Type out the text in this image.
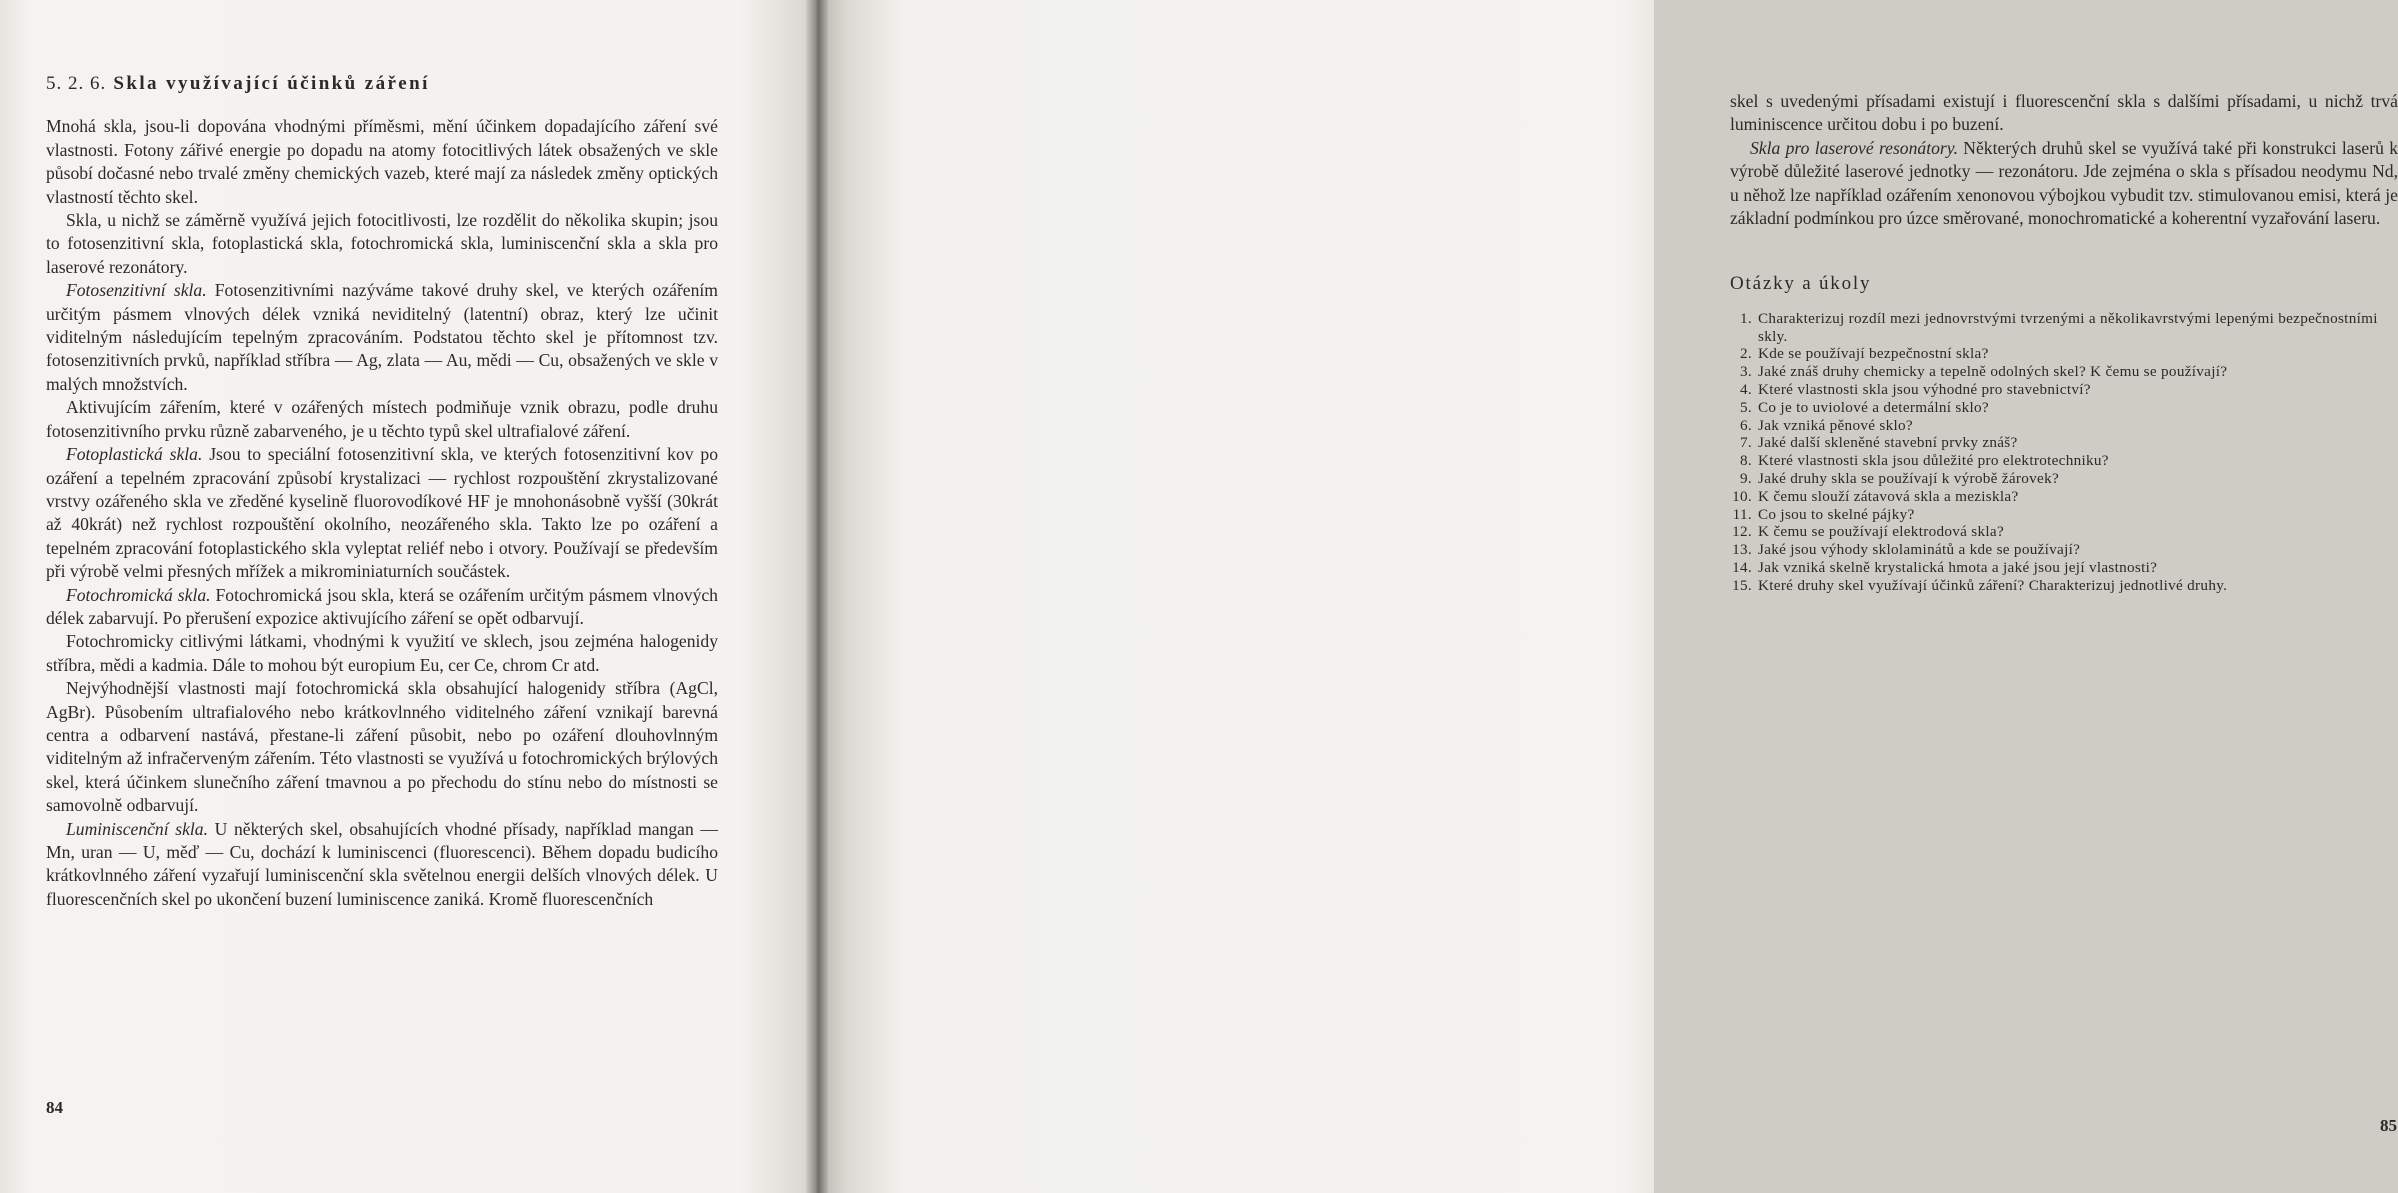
5. 2. 6. Skla využívající účinků záření

Mnohá skla, jsou-li dopována vhodnými příměsmi, mění účinkem dopadajícího záření své vlastnosti. Fotony zářivé energie po dopadu na atomy fotocitlivých látek obsažených ve skle působí dočasné nebo trvalé změny chemických vazeb, které mají za následek změny optických vlastností těchto skel.

Skla, u nichž se záměrně využívá jejich fotocitlivosti, lze rozdělit do několika skupin; jsou to fotosenzitivní skla, fotoplastická skla, fotochromická skla, luminiscenční skla a skla pro laserové rezonátory.

Fotosenzitivní skla. Fotosenzitivními nazýváme takové druhy skel, ve kterých ozářením určitým pásmem vlnových délek vzniká neviditelný (latentní) obraz, který lze učinit viditelným následujícím tepelným zpracováním. Podstatou těchto skel je přítomnost tzv. fotosenzitivních prvků, například stříbra — Ag, zlata — Au, mědi — Cu, obsažených ve skle v malých množstvích.

Aktivujícím zářením, které v ozářených místech podmiňuje vznik obrazu, podle druhu fotosenzitivního prvku různě zabarveného, je u těchto typů skel ultrafialové záření.

Fotoplastická skla. Jsou to speciální fotosenzitivní skla, ve kterých fotosenzitivní kov po ozáření a tepelném zpracování způsobí krystalizaci — rychlost rozpouštění zkrystalizované vrstvy ozářeného skla ve zředěné kyselině fluorovodíkové HF je mnohonásobně vyšší (30krát až 40krát) než rychlost rozpouštění okolního, neozářeného skla. Takto lze po ozáření a tepelném zpracování fotoplastického skla vyleptat reliéf nebo i otvory. Používají se především při výrobě velmi přesných mřížek a mikrominiaturních součástek.

Fotochromická skla. Fotochromická jsou skla, která se ozářením určitým pásmem vlnových délek zabarvují. Po přerušení expozice aktivujícího záření se opět odbarvují.

Fotochromicky citlivými látkami, vhodnými k využití ve sklech, jsou zejména halogenidy stříbra, mědi a kadmia. Dále to mohou být europium Eu, cer Ce, chrom Cr atd.

Nejvýhodnější vlastnosti mají fotochromická skla obsahující halogenidy stříbra (AgCl, AgBr). Působením ultrafialového nebo krátkovlnného viditelného záření vznikají barevná centra a odbarvení nastává, přestane-li záření působit, nebo po ozáření dlouhovlnným viditelným až infračerveným zářením. Této vlastnosti se využívá u fotochromických brýlových skel, která účinkem slunečního záření tmavnou a po přechodu do stínu nebo do místnosti se samovolně odbarvují.

Luminiscenční skla. U některých skel, obsahujících vhodné přísady, například mangan — Mn, uran — U, měď — Cu, dochází k luminiscenci (fluorescenci). Během dopadu budicího krátkovlnného záření vyzařují luminiscenční skla světelnou energii delších vlnových délek. U fluorescenčních skel po ukončení buzení luminiscence zaniká. Kromě fluorescenčních

84

skel s uvedenými přísadami existují i fluorescenční skla s dalšími přísadami, u nichž trvá luminiscence určitou dobu i po buzení.

Skla pro laserové resonátory. Některých druhů skel se využívá také při konstrukci laserů k výrobě důležité laserové jednotky — rezonátoru. Jde zejména o skla s přísadou neodymu Nd, u něhož lze například ozářením xenonovou výbojkou vybudit tzv. stimulovanou emisi, která je základní podmínkou pro úzce směrované, monochromatické a koherentní vyzařování laseru.

Otázky a úkoly
1. Charakterizuj rozdíl mezi jednovrstvými tvrzenými a několikavrstvými lepenými bezpečnostními skly.
2. Kde se používají bezpečnostní skla?
3. Jaké znáš druhy chemicky a tepelně odolných skel? K čemu se používají?
4. Které vlastnosti skla jsou výhodné pro stavebnictví?
5. Co je to uviolové a determální sklo?
6. Jak vzniká pěnové sklo?
7. Jaké další skleněné stavební prvky znáš?
8. Které vlastnosti skla jsou důležité pro elektrotechniku?
9. Jaké druhy skla se používají k výrobě žárovek?
10. K čemu slouží zátavová skla a meziskla?
11. Co jsou to skelné pájky?
12. K čemu se používají elektrodová skla?
13. Jaké jsou výhody sklolaminátů a kde se používají?
14. Jak vzniká skelně krystalická hmota a jaké jsou její vlastnosti?
15. Které druhy skel využívají účinků záření? Charakterizuj jednotlivé druhy.
85
